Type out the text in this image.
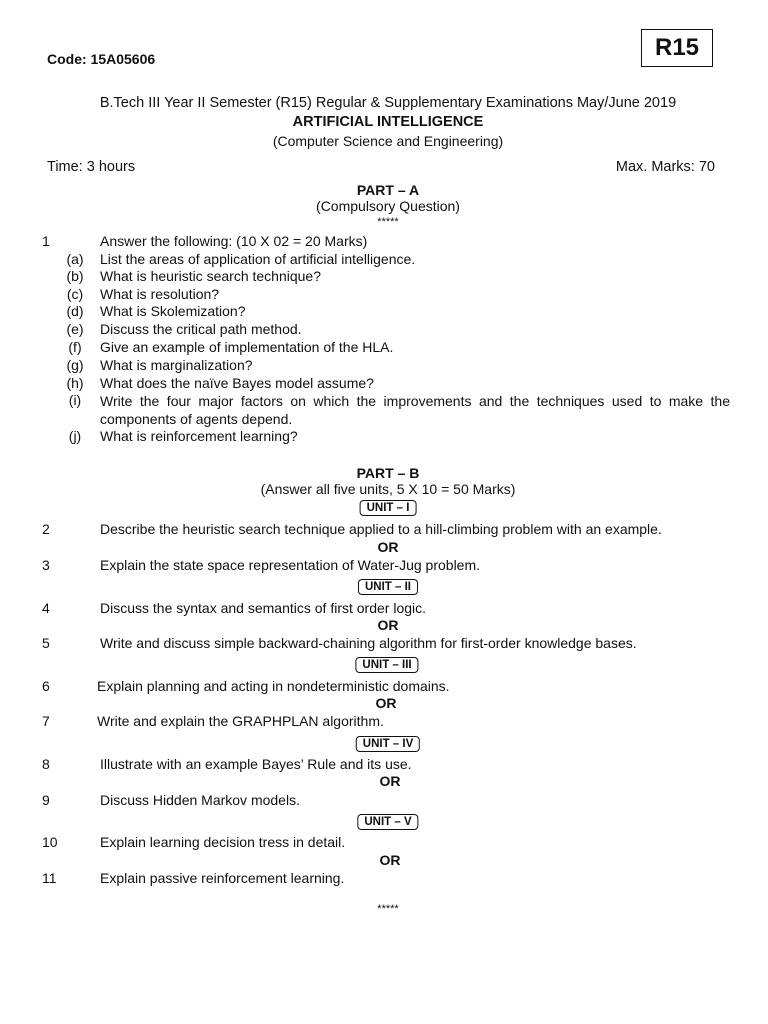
Code: 15A05606	R15
B.Tech III Year II Semester (R15) Regular & Supplementary Examinations May/June 2019
ARTIFICIAL INTELLIGENCE
(Computer Science and Engineering)
Time: 3 hours	Max. Marks: 70
PART – A
(Compulsory Question)
*****
1	Answer the following: (10 X 02 = 20 Marks)
(a)	List the areas of application of artificial intelligence.
(b)	What is heuristic search technique?
(c)	What is resolution?
(d)	What is Skolemization?
(e)	Discuss the critical path method.
(f)	Give an example of implementation of the HLA.
(g)	What is marginalization?
(h)	What does the naïve Bayes model assume?
(i)	Write the four major factors on which the improvements and the techniques used to make the components of agents depend.
(j)	What is reinforcement learning?
PART – B
(Answer all five units, 5 X 10 = 50 Marks)
UNIT – I
2	Describe the heuristic search technique applied to a hill-climbing problem with an example.
OR
3	Explain the state space representation of Water-Jug problem.
UNIT – II
4	Discuss the syntax and semantics of first order logic.
OR
5	Write and discuss simple backward-chaining algorithm for first-order knowledge bases.
UNIT – III
6	Explain planning and acting in nondeterministic domains.
OR
7	Write and explain the GRAPHPLAN algorithm.
UNIT – IV
8	Illustrate with an example Bayes’ Rule and its use.
OR
9	Discuss Hidden Markov models.
UNIT – V
10	Explain learning decision tress in detail.
OR
11	Explain passive reinforcement learning.
*****
